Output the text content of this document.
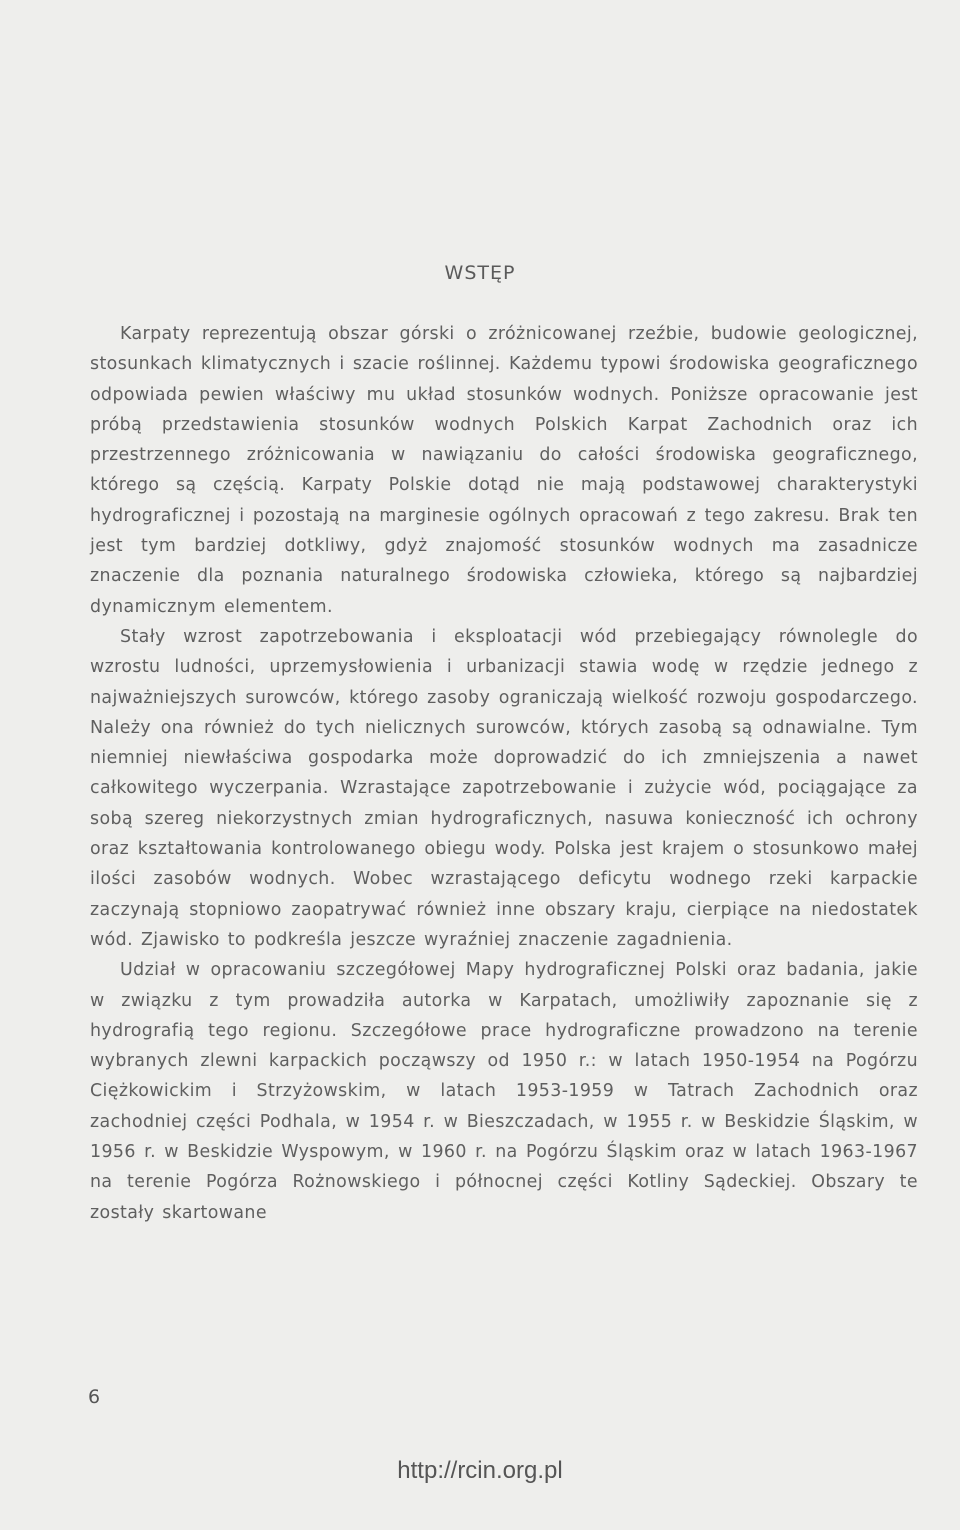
WSTĘP

Karpaty reprezentują obszar górski o zróżnicowanej rzeźbie, budowie geologicznej, stosunkach klimatycznych i szacie roślinnej. Każdemu typowi środowiska geograficznego odpowiada pewien właściwy mu układ stosunków wodnych. Poniższe opracowanie jest próbą przedstawienia stosunków wodnych Polskich Karpat Zachodnich oraz ich przestrzennego zróżnicowania w nawiązaniu do całości środowiska geograficznego, którego są częścią. Karpaty Polskie dotąd nie mają podstawowej charakterystyki hydrograficznej i pozostają na marginesie ogólnych opracowań z tego zakresu. Brak ten jest tym bardziej dotkliwy, gdyż znajomość stosunków wodnych ma zasadnicze znaczenie dla poznania naturalnego środowiska człowieka, którego są najbardziej dynamicznym elementem.

Stały wzrost zapotrzebowania i eksploatacji wód przebiegający równolegle do wzrostu ludności, uprzemysłowienia i urbanizacji stawia wodę w rzędzie jednego z najważniejszych surowców, którego zasoby ograniczają wielkość rozwoju gospodarczego. Należy ona również do tych nielicznych surowców, których zasobą są odnawialne. Tym niemniej niewłaściwa gospodarka może doprowadzić do ich zmniejszenia a nawet całkowitego wyczerpania. Wzrastające zapotrzebowanie i zużycie wód, pociągające za sobą szereg niekorzystnych zmian hydrograficznych, nasuwa konieczność ich ochrony oraz kształtowania kontrolowanego obiegu wody. Polska jest krajem o stosunkowo małej ilości zasobów wodnych. Wobec wzrastającego deficytu wodnego rzeki karpackie zaczynają stopniowo zaopatrywać również inne obszary kraju, cierpiące na niedostatek wód. Zjawisko to podkreśla jeszcze wyraźniej znaczenie zagadnienia.

Udział w opracowaniu szczegółowej Mapy hydrograficznej Polski oraz badania, jakie w związku z tym prowadziła autorka w Karpatach, umożliwiły zapoznanie się z hydrografią tego regionu. Szczegółowe prace hydrograficzne prowadzono na terenie wybranych zlewni karpackich począwszy od 1950 r.: w latach 1950-1954 na Pogórzu Ciężkowickim i Strzyżowskim, w latach 1953-1959 w Tatrach Zachodnich oraz zachodniej części Podhala, w 1954 r. w Bieszczadach, w 1955 r. w Beskidzie Śląskim, w 1956 r. w Beskidzie Wyspowym, w 1960 r. na Pogórzu Śląskim oraz w latach 1963-1967 na terenie Pogórza Rożnowskiego i północnej części Kotliny Sądeckiej. Obszary te zostały skartowane

6
http://rcin.org.pl
